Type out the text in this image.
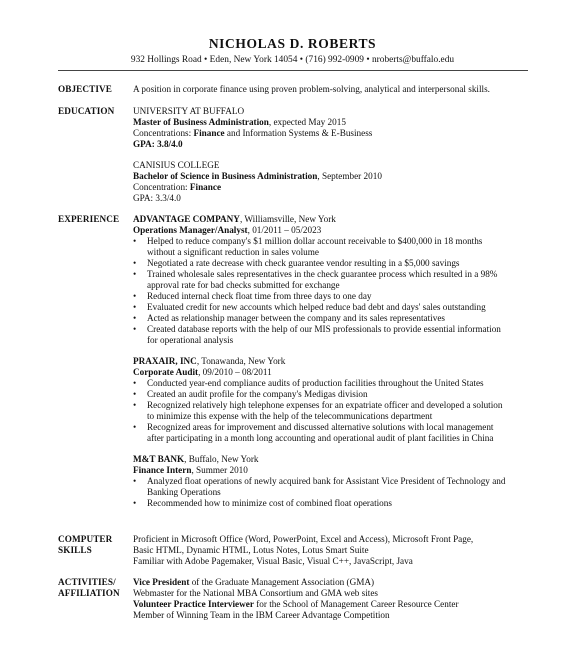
NICHOLAS D. ROBERTS
932 Hollings Road • Eden, New York 14054 • (716) 992-0909 • nroberts@buffalo.edu
OBJECTIVE A position in corporate finance using proven problem-solving, analytical and interpersonal skills.
EDUCATION UNIVERSITY AT BUFFALO
Master of Business Administration, expected May 2015
Concentrations: Finance and Information Systems & E-Business
GPA: 3.8/4.0
CANISIUS COLLEGE
Bachelor of Science in Business Administration, September 2010
Concentration: Finance
GPA: 3.3/4.0
EXPERIENCE ADVANTAGE COMPANY, Williamsville, New York
Operations Manager/Analyst, 01/2011 – 05/2023
• Helped to reduce company's $1 million dollar account receivable to $400,000 in 18 months
without a significant reduction in sales volume
• Negotiated a rate decrease with check guarantee vendor resulting in a $5,000 savings
• Trained wholesale sales representatives in the check guarantee process which resulted in a 98%
approval rate for bad checks submitted for exchange
• Reduced internal check float time from three days to one day
• Evaluated credit for new accounts which helped reduce bad debt and days' sales outstanding
• Acted as relationship manager between the company and its sales representatives
• Created database reports with the help of our MIS professionals to provide essential information
for operational analysis
PRAXAIR, INC, Tonawanda, New York
Corporate Audit, 09/2010 – 08/2011
• Conducted year-end compliance audits of production facilities throughout the United States
• Created an audit profile for the company's Medigas division
• Recognized relatively high telephone expenses for an expatriate officer and developed a solution
to minimize this expense with the help of the telecommunications department
• Recognized areas for improvement and discussed alternative solutions with local management
after participating in a month long accounting and operational audit of plant facilities in China
M&T BANK, Buffalo, New York
Finance Intern, Summer 2010
• Analyzed float operations of newly acquired bank for Assistant Vice President of Technology and
Banking Operations
• Recommended how to minimize cost of combined float operations
COMPUTER
SKILLS
Proficient in Microsoft Office (Word, PowerPoint, Excel and Access), Microsoft Front Page,
Basic HTML, Dynamic HTML, Lotus Notes, Lotus Smart Suite
Familiar with Adobe Pagemaker, Visual Basic, Visual C++, JavaScript, Java
ACTIVITIES/
AFFILIATION
Vice President of the Graduate Management Association (GMA)
Webmaster for the National MBA Consortium and GMA web sites
Volunteer Practice Interviewer for the School of Management Career Resource Center
Member of Winning Team in the IBM Career Advantage Competition
